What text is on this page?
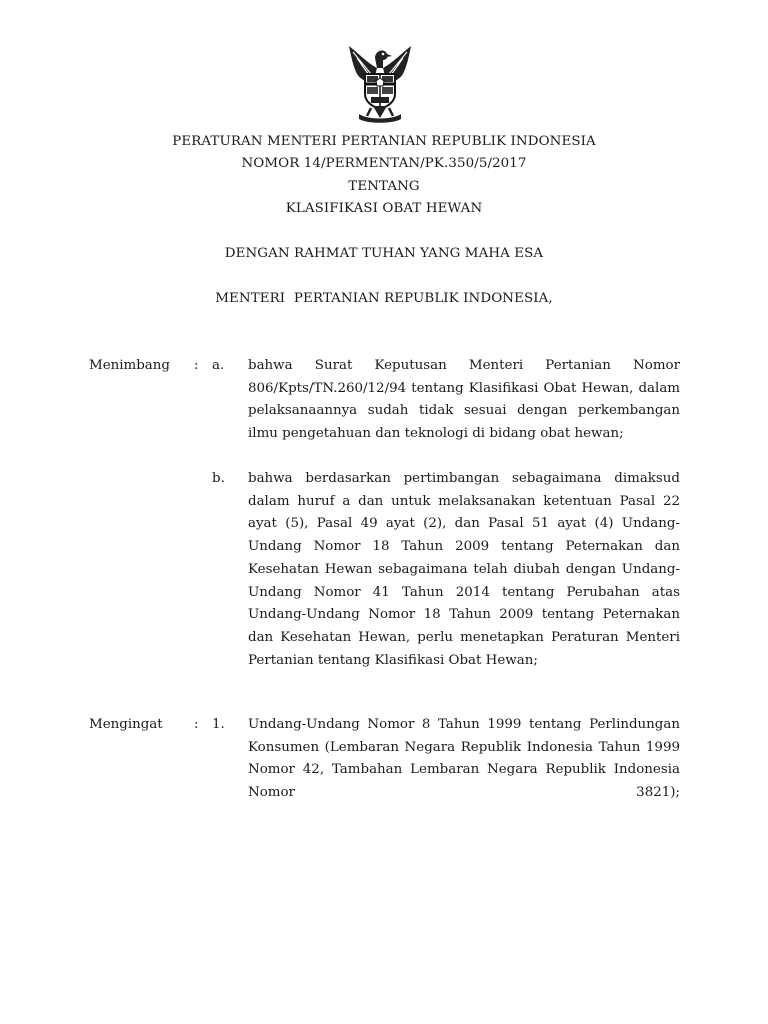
PERATURAN MENTERI PERTANIAN REPUBLIK INDONESIA
NOMOR 14/PERMENTAN/PK.350/5/2017
TENTANG
KLASIFIKASI OBAT HEWAN
DENGAN RAHMAT TUHAN YANG MAHA ESA
MENTERI  PERTANIAN REPUBLIK INDONESIA,
Menimbang : a. bahwa Surat Keputusan Menteri Pertanian Nomor 806/Kpts/TN.260/12/94 tentang Klasifikasi Obat Hewan, dalam pelaksanaannya sudah tidak sesuai dengan perkembangan ilmu pengetahuan dan teknologi di bidang obat hewan;
b. bahwa berdasarkan pertimbangan sebagaimana dimaksud dalam huruf a dan untuk melaksanakan ketentuan Pasal 22 ayat (5), Pasal 49 ayat (2), dan Pasal 51 ayat (4) Undang-Undang Nomor 18 Tahun 2009 tentang Peternakan dan Kesehatan Hewan sebagaimana telah diubah dengan Undang-Undang Nomor 41 Tahun 2014 tentang Perubahan atas Undang-Undang Nomor 18 Tahun 2009 tentang Peternakan dan Kesehatan Hewan, perlu menetapkan Peraturan Menteri Pertanian tentang Klasifikasi Obat Hewan;
Mengingat : 1. Undang-Undang Nomor 8 Tahun 1999 tentang Perlindungan Konsumen (Lembaran Negara Republik Indonesia Tahun 1999 Nomor 42, Tambahan Lembaran Negara Republik Indonesia Nomor 3821);
